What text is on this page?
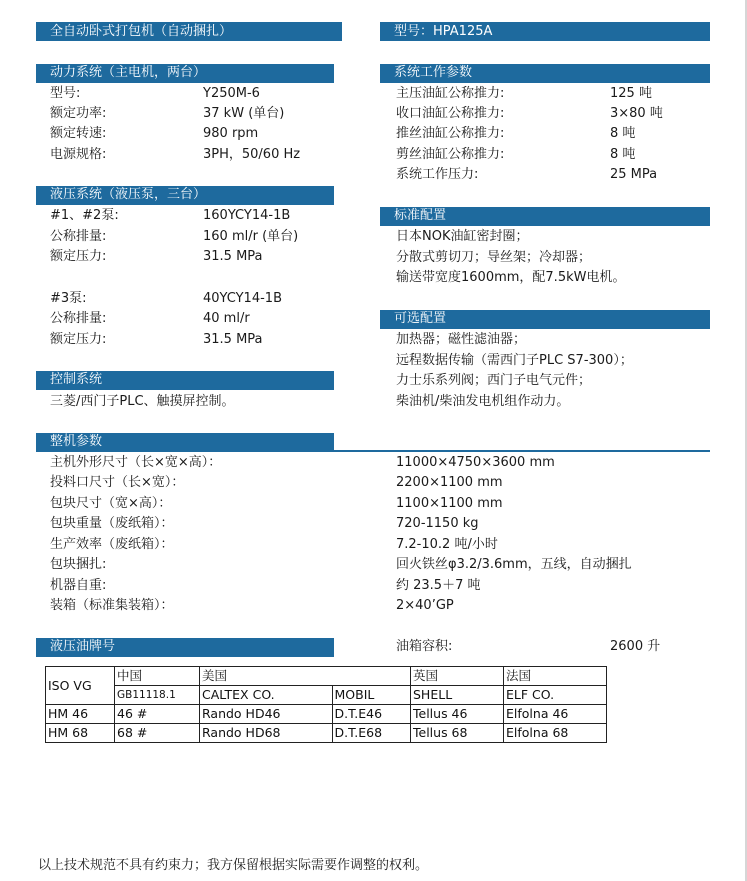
全自动卧式打包机（自动捆扎）	型号：HPA125A
动力系统（主电机，两台）
型号:	Y250M-6
额定功率:	37 kW (单台)
额定转速:	980 rpm
电源规格:	3PH，50/60 Hz
液压系统（液压泵，三台）
#1、#2泵:	160YCY14-1B
公称排量:	160 ml/r (单台)
额定压力:	31.5 MPa
#3泵:	40YCY14-1B
公称排量:	40 ml/r
额定压力:	31.5 MPa
控制系统
三菱/西门子PLC、触摸屏控制。
系统工作参数
主压油缸公称推力:	125 吨
收口油缸公称推力:	3×80 吨
推丝油缸公称推力:	8 吨
剪丝油缸公称推力:	8 吨
系统工作压力:	25 MPa
标准配置
日本NOK油缸密封圈；
分散式剪切刀；导丝架；冷却器；
输送带宽度1600mm，配7.5kW电机。
可选配置
加热器；磁性滤油器；
远程数据传输（需西门子PLC S7-300）；
力士乐系列阀；西门子电气元件；
柴油机/柴油发电机组作动力。
整机参数
主机外形尺寸（长×宽×高）：	11000×4750×3600 mm
投料口尺寸（长×宽）：	2200×1100 mm
包块尺寸（宽×高）：	1100×1100 mm
包块重量（废纸箱）：	720-1150 kg
生产效率（废纸箱）：	7.2-10.2 吨/小时
包块捆扎:	回火铁丝φ3.2/3.6mm，五线，自动捆扎
机器自重:	约 23.5＋7 吨
装箱（标准集装箱）：	2×40’GP
液压油牌号	油箱容积:	2600 升
ISO VG	中国	美国		英国	法国
	GB11118.1	CALTEX CO.	MOBIL	SHELL	ELF CO.
HM 46	46 #	Rando HD46	D.T.E46	Tellus 46	Elfolna 46
HM 68	68 #	Rando HD68	D.T.E68	Tellus 68	Elfolna 68
以上技术规范不具有约束力；我方保留根据实际需要作调整的权利。
